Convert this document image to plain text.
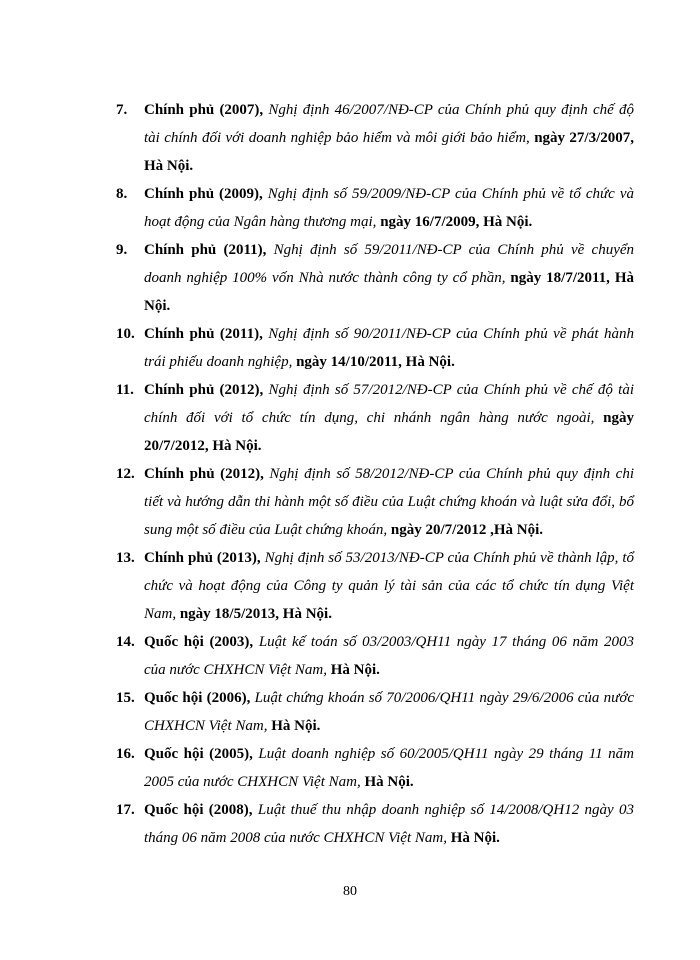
7. Chính phủ (2007), Nghị định 46/2007/NĐ-CP của Chính phủ quy định chế độ tài chính đối với doanh nghiệp bảo hiểm và môi giới bảo hiểm, ngày 27/3/2007, Hà Nội.
8. Chính phủ (2009), Nghị định số 59/2009/NĐ-CP của Chính phủ về tổ chức và hoạt động của Ngân hàng thương mại, ngày 16/7/2009, Hà Nội.
9. Chính phủ (2011), Nghị định số 59/2011/NĐ-CP của Chính phủ về chuyển doanh nghiệp 100% vốn Nhà nước thành công ty cổ phần, ngày 18/7/2011, Hà Nội.
10. Chính phủ (2011), Nghị định số 90/2011/NĐ-CP của Chính phủ về phát hành trái phiếu doanh nghiệp, ngày 14/10/2011, Hà Nội.
11. Chính phủ (2012), Nghị định số 57/2012/NĐ-CP của Chính phủ về chế độ tài chính đối với tổ chức tín dụng, chi nhánh ngân hàng nước ngoài, ngày 20/7/2012, Hà Nội.
12. Chính phủ (2012), Nghị định số 58/2012/NĐ-CP của Chính phủ quy định chi tiết và hướng dẫn thi hành một số điều của Luật chứng khoán và luật sửa đổi, bổ sung một số điều của Luật chứng khoán, ngày 20/7/2012 ,Hà Nội.
13. Chính phủ (2013), Nghị định số 53/2013/NĐ-CP của Chính phủ về thành lập, tổ chức và hoạt động của Công ty quản lý tài sản của các tổ chức tín dụng Việt Nam, ngày 18/5/2013, Hà Nội.
14. Quốc hội (2003), Luật kế toán số 03/2003/QH11 ngày 17 tháng 06 năm 2003 của nước CHXHCN Việt Nam, Hà Nội.
15. Quốc hội (2006), Luật chứng khoán số 70/2006/QH11 ngày 29/6/2006 của nước CHXHCN Việt Nam, Hà Nội.
16. Quốc hội (2005), Luật doanh nghiệp số 60/2005/QH11 ngày 29 tháng 11 năm 2005 của nước CHXHCN Việt Nam, Hà Nội.
17. Quốc hội (2008), Luật thuế thu nhập doanh nghiệp số 14/2008/QH12 ngày 03 tháng 06 năm 2008 của nước CHXHCN Việt Nam, Hà Nội.
80
